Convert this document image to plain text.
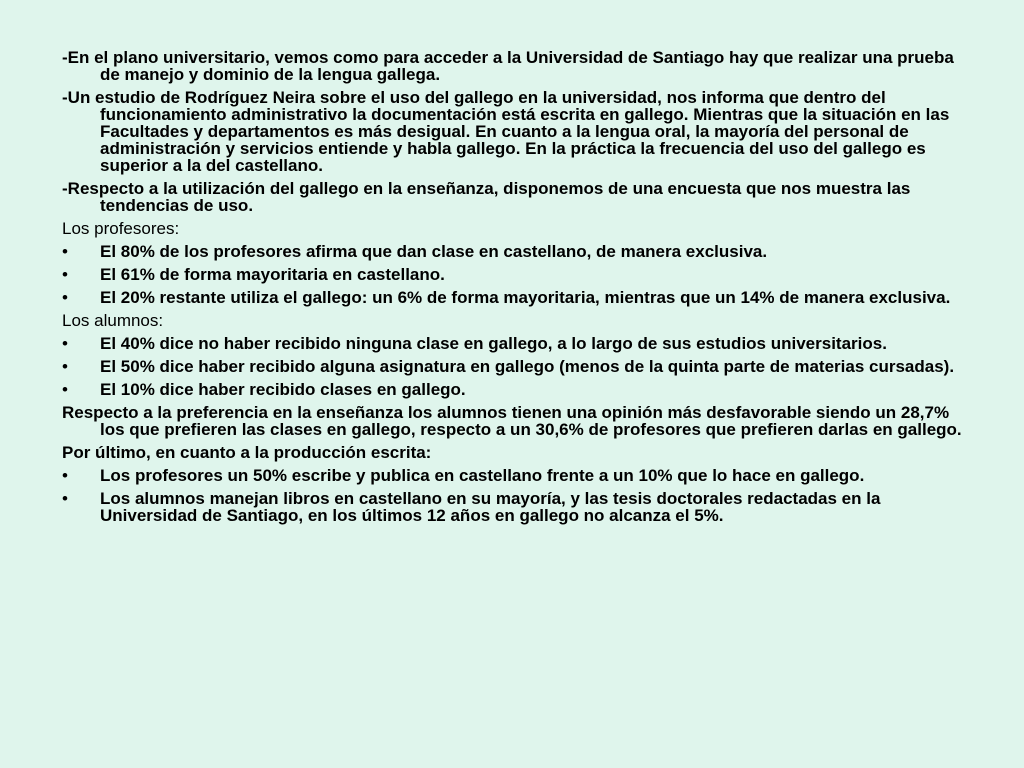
-En el plano universitario, vemos como para acceder a la Universidad de Santiago hay que realizar una prueba de manejo y dominio de la lengua gallega.

-Un estudio de Rodríguez Neira sobre el uso del gallego en la universidad, nos informa que dentro del funcionamiento administrativo la documentación está escrita en gallego. Mientras que la situación en las Facultades y departamentos es más desigual. En cuanto a la lengua oral, la mayoría del personal de administración y servicios entiende y habla gallego. En la práctica la frecuencia del uso del gallego es superior a la del castellano.

-Respecto a la utilización del gallego en la enseñanza, disponemos de una encuesta que nos muestra las tendencias de uso.

Los profesores:

• El 80% de los profesores afirma que dan clase en castellano, de manera exclusiva.
• El 61% de forma mayoritaria en castellano.
• El 20% restante utiliza el gallego: un 6% de forma mayoritaria, mientras que un 14% de manera exclusiva.

Los alumnos:

• El 40% dice no haber recibido ninguna clase en gallego, a lo largo de sus estudios universitarios.
• El 50% dice haber recibido alguna asignatura en gallego (menos de la quinta parte de materias cursadas).
• El 10% dice haber recibido clases en gallego.

Respecto a la preferencia en la enseñanza los alumnos tienen una opinión más desfavorable siendo un 28,7% los que prefieren las clases en gallego, respecto a un 30,6% de profesores que prefieren darlas en gallego.

Por último, en cuanto a la producción escrita:

• Los profesores un 50% escribe y publica en castellano frente a un 10% que lo hace en gallego.
• Los alumnos manejan libros en castellano en su mayoría, y las tesis doctorales redactadas en la Universidad de Santiago, en los últimos 12 años en gallego no alcanza el 5%.
